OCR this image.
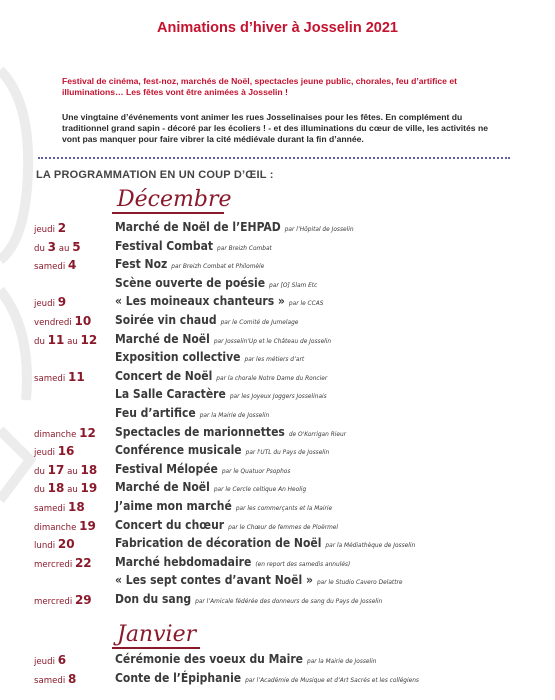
Animations d’hiver à Josselin 2021
Festival de cinéma, fest-noz, marchés de Noël, spectacles jeune public, chorales, feu d’artifice et illuminations… Les fêtes vont être animées à Josselin !
Une vingtaine d’événements vont animer les rues Josselinaises pour les fêtes. En complément du traditionnel grand sapin - décoré par les écoliers ! - et des illuminations du cœur de ville, les activités ne vont pas manquer pour faire vibrer la cité médiévale durant la fin d’année.
LA PROGRAMMATION EN UN COUP D’ŒIL :
Décembre
jeudi 2	Marché de Noël de l’EHPAD par l’Hôpital de Josselin
du 3 au 5	Festival Combat par Breizh Combat
samedi 4	Fest Noz par Breizh Combat et Philomèle
Scène ouverte de poésie par [O] Slam Etc
jeudi 9	« Les moineaux chanteurs » par le CCAS
vendredi 10 Soirée vin chaud par le Comité de Jumelage
du 11 au 12 Marché de Noël par Josselin'Up et le Château de Josselin
Exposition collective par les métiers d’art
samedi 11	Concert de Noël par la chorale Notre Dame du Roncier
La Salle Caractère par les Joyeux Joggers Josselinais
Feu d’artifice par la Mairie de Josselin
dimanche 12 Spectacles de marionnettes de O'Korrigan Rieur
jeudi 16	Conférence musicale par l'UTL du Pays de Josselin
du 17 au 18 Festival Mélopée par le Quatuor Psophos
du 18 au 19 Marché de Noël par le Cercle celtique An Heolig
samedi 18	J’aime mon marché par les commerçants et la Mairie
dimanche 19 Concert du chœur par le Chœur de femmes de Ploërmel
lundi 20	Fabrication de décoration de Noël par la Médiathèque de Josselin
mercredi 22 Marché hebdomadaire (en report des samedis annulés)
« Les sept contes d’avant Noël » par le Studio Cavero Delattre
mercredi 29 Don du sang par l’Amicale fédérée des donneurs de sang du Pays de Josselin
Janvier
jeudi 6	Cérémonie des voeux du Maire par la Mairie de Josselin
samedi 8	Conte de l’Épiphanie par l’Académie de Musique et d’Art Sacrés et les collégiens
